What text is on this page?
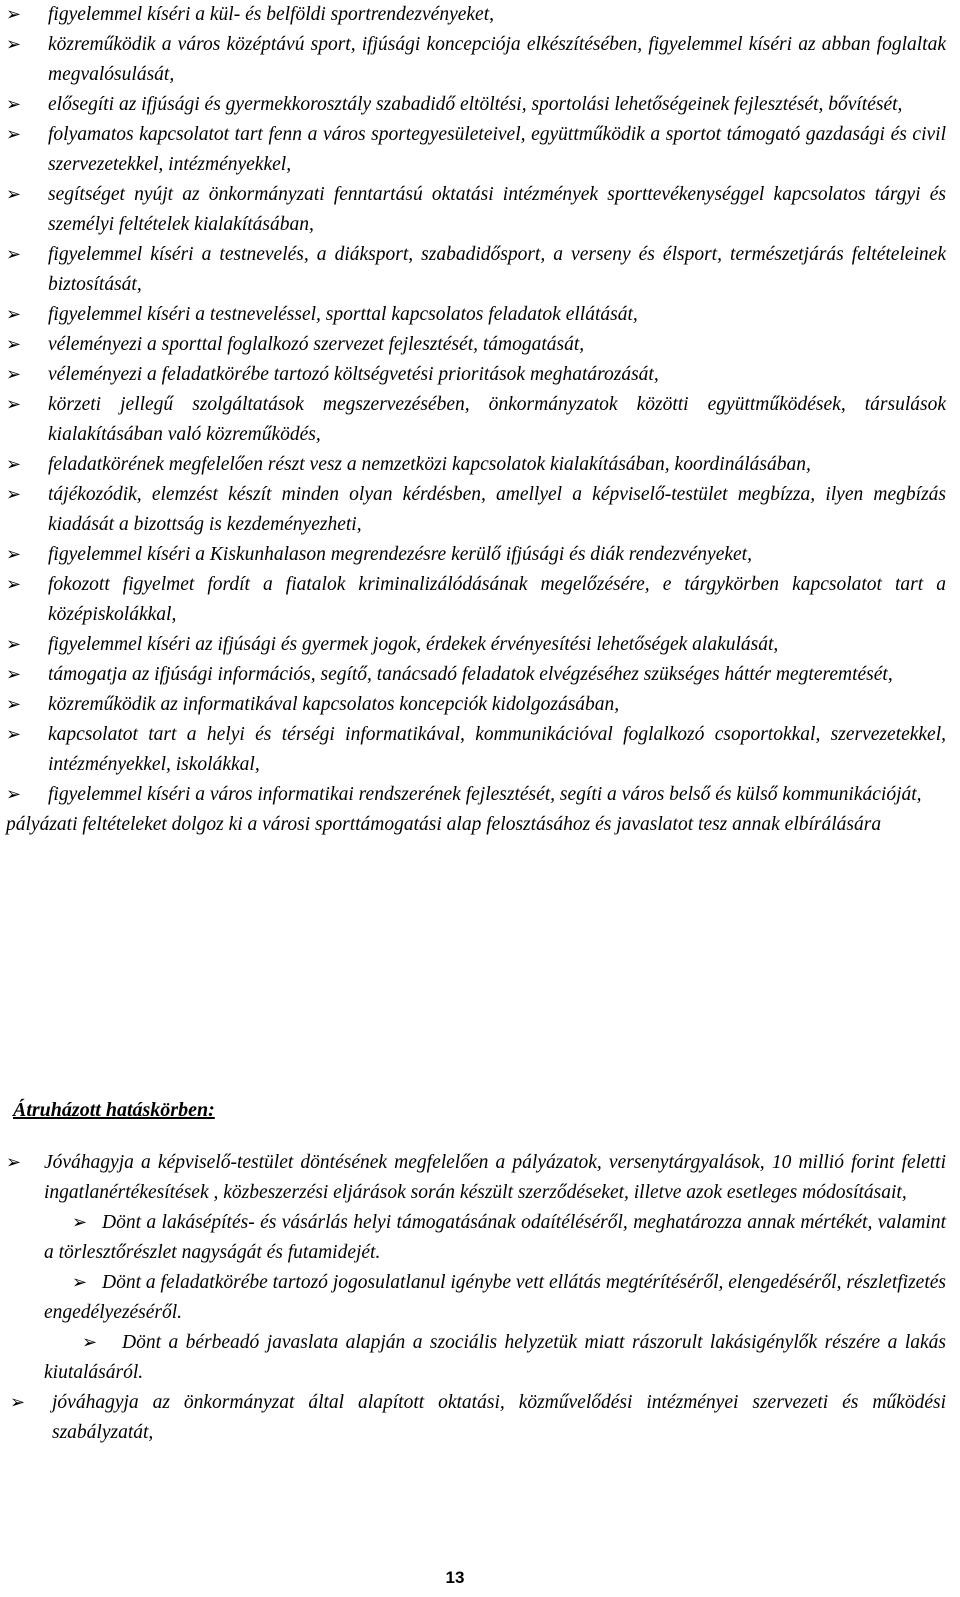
➢ figyelemmel kíséri a kül- és belföldi sportrendezvényeket,
➢ közreműködik a város középtávú sport, ifjúsági koncepciója elkészítésében, figyelemmel kíséri az abban foglaltak megvalósulását,
➢ elősegíti az ifjúsági és gyermekkorosztály szabadidő eltöltési, sportolási lehetőségeinek fejlesztését, bővítését,
➢ folyamatos kapcsolatot tart fenn a város sportegyesületeivel, együttműködik a sportot támogató gazdasági és civil szervezetekkel, intézményekkel,
➢ segítséget nyújt az önkormányzati fenntartású oktatási intézmények sporttevékenységgel kapcsolatos tárgyi és személyi feltételek kialakításában,
➢ figyelemmel kíséri a testnevelés, a diáksport, szabadidősport, a verseny és élsport, természetjárás feltételeinek biztosítását,
➢ figyelemmel kíséri a testneveléssel, sporttal kapcsolatos feladatok ellátását,
➢ véleményezi a sporttal foglalkozó szervezet fejlesztését, támogatását,
➢ véleményezi a feladatkörébe tartozó költségvetési prioritások meghatározását,
➢ körzeti jellegű szolgáltatások megszervezésében, önkormányzatok közötti együttműködések, társulások kialakításában való közreműködés,
➢ feladatkörének megfelelően részt vesz a nemzetközi kapcsolatok kialakításában, koordinálásában,
➢ tájékozódik, elemzést készít minden olyan kérdésben, amellyel a képviselő-testület megbízza, ilyen megbízás kiadását a bizottság is kezdeményezheti,
➢ figyelemmel kíséri a Kiskunhalason megrendezésre kerülő ifjúsági és diák rendezvényeket,
➢ fokozott figyelmet fordít a fiatalok kriminalizálódásának megelőzésére, e tárgykörben kapcsolatot tart a középiskolákkal,
➢ figyelemmel kíséri az ifjúsági és gyermek jogok, érdekek érvényesítési lehetőségek alakulását,
➢ támogatja az ifjúsági információs, segítő, tanácsadó feladatok elvégzéséhez szükséges háttér megteremtését,
➢ közreműködik az informatikával kapcsolatos koncepciók kidolgozásában,
➢ kapcsolatot tart a helyi és térségi informatikával, kommunikációval foglalkozó csoportokkal, szervezetekkel, intézményekkel, iskolákkal,
➢ figyelemmel kíséri a város informatikai rendszerének fejlesztését, segíti a város belső és külső kommunikációját,

pályázati feltételeket dolgoz ki a városi sporttámogatási alap felosztásához és javaslatot tesz annak elbírálására

Átruházott hatáskörben:
➢ Jóváhagyja a képviselő-testület döntésének megfelelően a pályázatok, versenytárgyalások, 10 millió forint feletti ingatlanértékesítések , közbeszerzési eljárások során készült szerződéseket, illetve azok esetleges módosításait,
➢ Dönt a lakásépítés- és vásárlás helyi támogatásának odaítéléséről, meghatározza annak mértékét, valamint a törlesztőrészlet nagyságát és futamidejét.
➢ Dönt a feladatkörébe tartozó jogosulatlanul igénybe vett ellátás megtérítéséről, elengedéséről, részletfizetés engedélyezéséről.
➢ Dönt a bérbeadó javaslata alapján a szociális helyzetük miatt rászorult lakásigénylők részére a lakás kiutalásáról.
➢ jóváhagyja az önkormányzat által alapított oktatási, közművelődési intézményei szervezeti és működési szabályzatát,
13
